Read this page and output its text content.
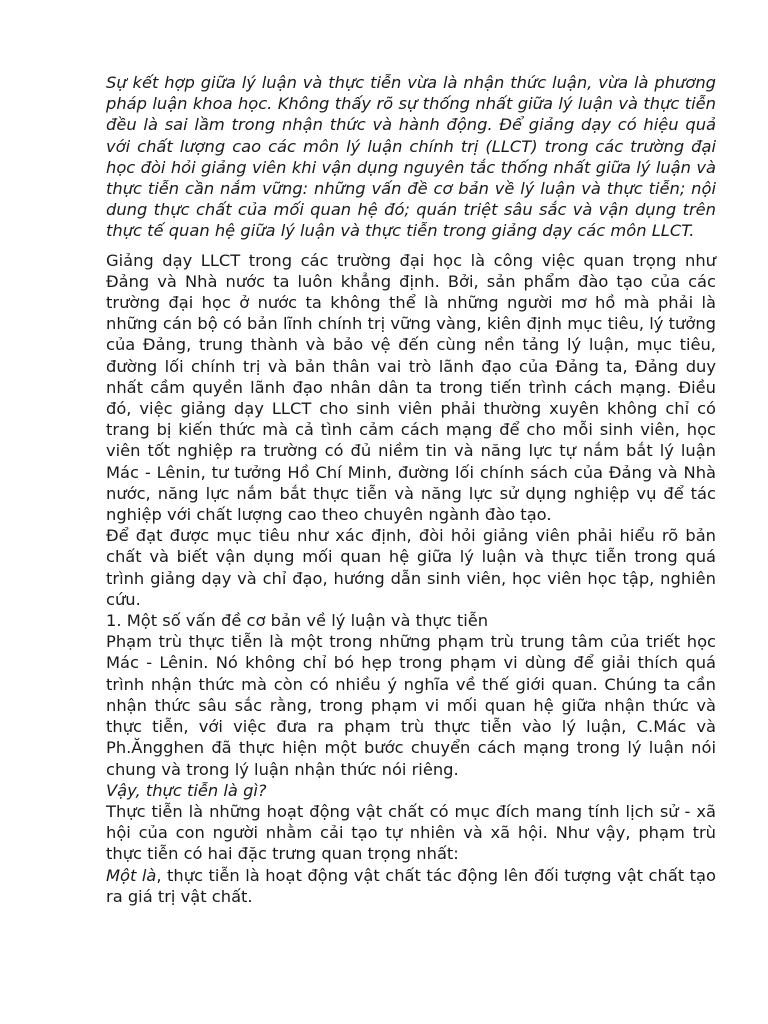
Sự kết hợp giữa lý luận và thực tiễn vừa là nhận thức luận, vừa là phương pháp luận khoa học. Không thấy rõ sự thống nhất giữa lý luận và thực tiễn đều là sai lầm trong nhận thức và hành động. Để giảng dạy có hiệu quả với chất lượng cao các môn lý luận chính trị (LLCT) trong các trường đại học đòi hỏi giảng viên khi vận dụng nguyên tắc thống nhất giữa lý luận và thực tiễn cần nắm vững: những vấn đề cơ bản về lý luận và thực tiễn; nội dung thực chất của mối quan hệ đó; quán triệt sâu sắc và vận dụng trên thực tế quan hệ giữa lý luận và thực tiễn trong giảng dạy các môn LLCT.

Giảng dạy LLCT trong các trường đại học là công việc quan trọng như Đảng và Nhà nước ta luôn khẳng định. Bởi, sản phẩm đào tạo của các trường đại học ở nước ta không thể là những người mơ hồ mà phải là những cán bộ có bản lĩnh chính trị vững vàng, kiên định mục tiêu, lý tưởng của Đảng, trung thành và bảo vệ đến cùng nền tảng lý luận, mục tiêu, đường lối chính trị và bản thân vai trò lãnh đạo của Đảng ta, Đảng duy nhất cầm quyền lãnh đạo nhân dân ta trong tiến trình cách mạng. Điều đó, việc giảng dạy LLCT cho sinh viên phải thường xuyên không chỉ có trang bị kiến thức mà cả tình cảm cách mạng để cho mỗi sinh viên, học viên tốt nghiệp ra trường có đủ niềm tin và năng lực tự nắm bắt lý luận Mác - Lênin, tư tưởng Hồ Chí Minh, đường lối chính sách của Đảng và Nhà nước, năng lực nắm bắt thực tiễn và năng lực sử dụng nghiệp vụ để tác nghiệp với chất lượng cao theo chuyên ngành đào tạo.

Để đạt được mục tiêu như xác định, đòi hỏi giảng viên phải hiểu rõ bản chất và biết vận dụng mối quan hệ giữa lý luận và thực tiễn trong quá trình giảng dạy và chỉ đạo, hướng dẫn sinh viên, học viên học tập, nghiên cứu.

1. Một số vấn đề cơ bản về lý luận và thực tiễn

Phạm trù thực tiễn là một trong những phạm trù trung tâm của triết học Mác - Lênin. Nó không chỉ bó hẹp trong phạm vi dùng để giải thích quá trình nhận thức mà còn có nhiều ý nghĩa về thế giới quan. Chúng ta cần nhận thức sâu sắc rằng, trong phạm vi mối quan hệ giữa nhận thức và thực tiễn, với việc đưa ra phạm trù thực tiễn vào lý luận, C.Mác và Ph.Ăngghen đã thực hiện một bước chuyển cách mạng trong lý luận nói chung và trong lý luận nhận thức nói riêng.

Vậy, thực tiễn là gì?

Thực tiễn là những hoạt động vật chất có mục đích mang tính lịch sử - xã hội của con người nhằm cải tạo tự nhiên và xã hội. Như vậy, phạm trù thực tiễn có hai đặc trưng quan trọng nhất:

Một là, thực tiễn là hoạt động vật chất tác động lên đối tượng vật chất tạo ra giá trị vật chất.
